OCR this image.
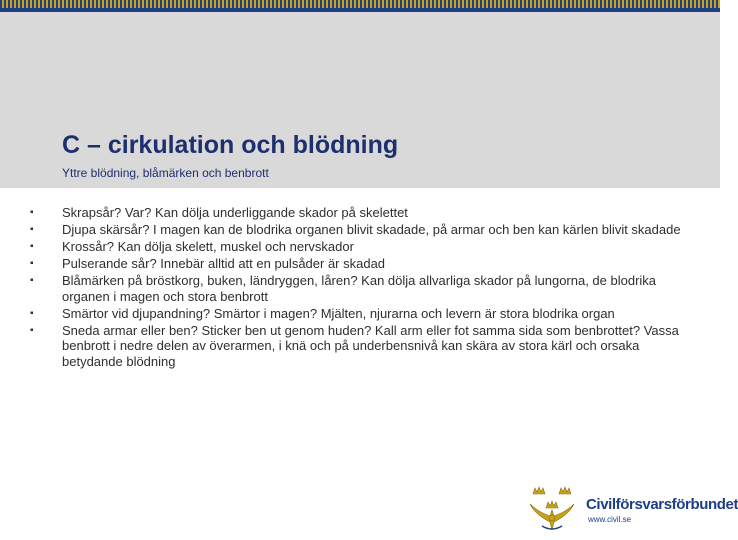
C – cirkulation och blödning
Yttre blödning, blåmärken och benbrott
▪ Skrapsår? Var? Kan dölja underliggande skador på skelettet
▪ Djupa skärsår? I magen kan de blodrika organen blivit skadade, på armar och ben kan kärlen blivit skadade
▪ Krossår? Kan dölja skelett, muskel och nervskador
▪ Pulserande sår? Innebär alltid att en pulsåder är skadad
▪ Blåmärken på bröstkorg, buken, ländryggen, låren? Kan dölja allvarliga skador på lungorna, de blodrika organen i magen och stora benbrott
▪ Smärtor vid djupandning? Smärtor i magen? Mjälten, njurarna och levern är stora blodrika organ
▪ Sneda armar eller ben? Sticker ben ut genom huden? Kall arm eller fot samma sida som benbrottet? Vassa benbrott i nedre delen av överarmen, i knä och på underbensnivå kan skära av stora kärl och orsaka betydande blödning
Civilförsvarsförbundet
www.civil.se
